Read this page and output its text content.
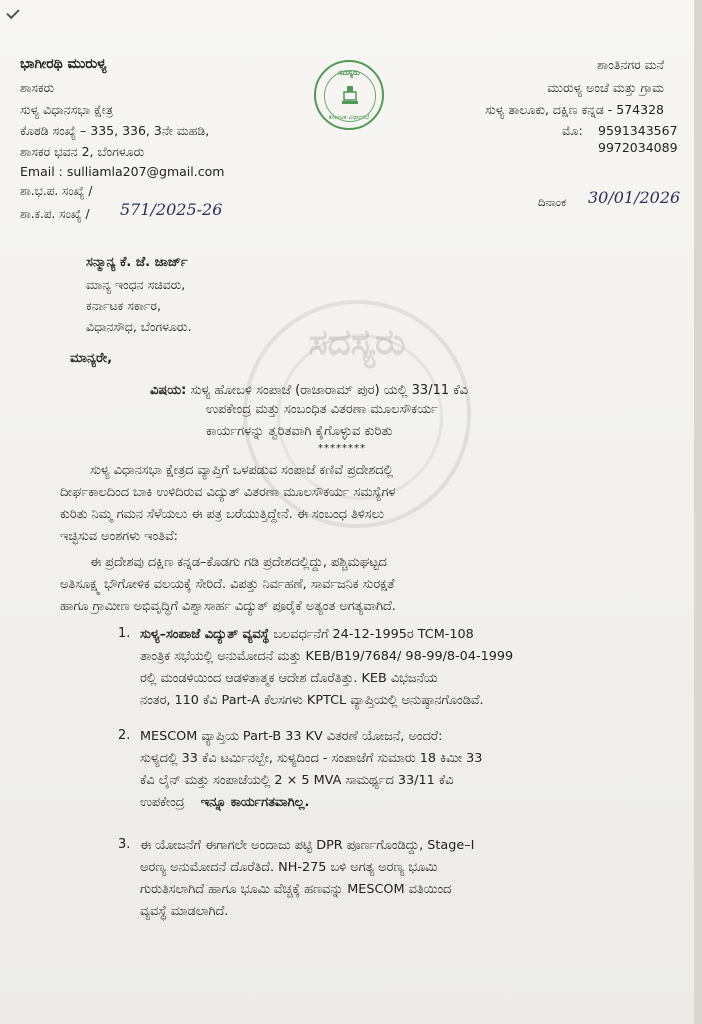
ಭಾಗೀರಥಿ ಮುರುಳ್ಯ
ಶಾಸಕರು
ಸುಳ್ಯ ವಿಧಾನಸಭಾ ಕ್ಷೇತ್ರ
ಕೊಠಡಿ ಸಂಖ್ಯೆ – 335, 336, 3ನೇ ಮಹಡಿ,
ಶಾಸಕರ ಭವನ 2, ಬೆಂಗಳೂರು
Email : sulliamla207@gmail.com
ಸದಸ್ಯರು
ಕರ್ನಾಟಕ ವಿಧಾನಸಭೆ
ಶಾಂತಿನಗರ ಮನೆ
ಮುರುಳ್ಯ ಅಂಚೆ ಮತ್ತು ಗ್ರಾಮ
ಸುಳ್ಯ ತಾಲೂಕು, ದಕ್ಷಿಣ ಕನ್ನಡ - 574328
ಮೊ: 9591343567
9972034089
ಶಾ.ಭ.ಪ. ಸಂಖ್ಯೆ /
ಶಾ.ಕ.ಪ. ಸಂಖ್ಯೆ / 571/2025-26	ದಿನಾಂಕ 30/01/2026
ಸದಸ್ಯರು
ಸನ್ಮಾನ್ಯ ಕೆ. ಜೆ. ಜಾರ್ಜ್
ಮಾನ್ಯ ಇಂಧನ ಸಚಿವರು,
ಕರ್ನಾಟಕ ಸರ್ಕಾರ,
ವಿಧಾನಸೌಧ, ಬೆಂಗಳೂರು.
ಮಾನ್ಯರೇ,
ವಿಷಯ: ಸುಳ್ಯ ಹೋಬಳಿ ಸಂಪಾಜೆ (ರಾಜಾರಾಮ್ ಪುರ) ಯಲ್ಲಿ 33/11 ಕೆವಿ
ಉಪಕೇಂದ್ರ ಮತ್ತು ಸಂಬಂಧಿತ ವಿತರಣಾ ಮೂಲಸೌಕರ್ಯ
ಕಾರ್ಯಗಳನ್ನು ತ್ವರಿತವಾಗಿ ಕೈಗೊಳ್ಳುವ ಕುರಿತು
********
ಸುಳ್ಯ ವಿಧಾನಸಭಾ ಕ್ಷೇತ್ರದ ವ್ಯಾಪ್ತಿಗೆ ಒಳಪಡುವ ಸಂಪಾಜೆ ಕಣಿವೆ ಪ್ರದೇಶದಲ್ಲಿ
ದೀರ್ಘಕಾಲದಿಂದ ಬಾಕಿ ಉಳಿದಿರುವ ವಿದ್ಯುತ್ ವಿತರಣಾ ಮೂಲಸೌಕರ್ಯ ಸಮಸ್ಯೆಗಳ
ಕುರಿತು ನಿಮ್ಮ ಗಮನ ಸೆಳೆಯಲು ಈ ಪತ್ರ ಬರೆಯುತ್ತಿದ್ದೇನೆ. ಈ ಸಂಬಂಧ ತಿಳಿಸಲು
ಇಚ್ಛಿಸುವ ಅಂಶಗಳು ಇಂತಿವೆ:
ಈ ಪ್ರದೇಶವು ದಕ್ಷಿಣ ಕನ್ನಡ–ಕೊಡಗು ಗಡಿ ಪ್ರದೇಶದಲ್ಲಿದ್ದು, ಪಶ್ಚಿಮಘಟ್ಟದ
ಅತಿಸೂಕ್ಷ್ಮ ಭೌಗೋಳಿಕ ವಲಯಕ್ಕೆ ಸೇರಿದೆ. ವಿಪತ್ತು ನಿರ್ವಹಣೆ, ಸಾರ್ವಜನಿಕ ಸುರಕ್ಷತೆ
ಹಾಗೂ ಗ್ರಾಮೀಣ ಅಭಿವೃದ್ಧಿಗೆ ವಿಶ್ವಾಸಾರ್ಹ ವಿದ್ಯುತ್ ಪೂರೈಕೆ ಅತ್ಯಂತ ಅಗತ್ಯವಾಗಿದೆ.
1. ಸುಳ್ಯ–ಸಂಪಾಜೆ ವಿದ್ಯುತ್ ವ್ಯವಸ್ಥೆ ಬಲವರ್ಧನೆಗೆ 24-12-1995ರ TCM-108
ತಾಂತ್ರಿಕ ಸಭೆಯಲ್ಲಿ ಅನುಮೋದನೆ ಮತ್ತು KEB/B19/7684/ 98-99/8-04-1999
ರಲ್ಲಿ ಮಂಡಳಿಯಿಂದ ಆಡಳಿತಾತ್ಮಕ ಆದೇಶ ದೊರೆತಿತ್ತು. KEB ವಿಭಜನೆಯ
ನಂತರ, 110 ಕೆವಿ Part-A ಕೆಲಸಗಳು KPTCL ವ್ಯಾಪ್ತಿಯಲ್ಲಿ ಅನುಷ್ಠಾನಗೊಂಡಿವೆ.
2. MESCOM ವ್ಯಾಪ್ತಿಯ Part-B 33 KV ವಿತರಣೆ ಯೋಜನೆ, ಅಂದರೆ:
ಸುಳ್ಯದಲ್ಲಿ 33 ಕೆವಿ ಟರ್ಮಿನಲ್ಬೇ, ಸುಳ್ಯದಿಂದ - ಸಂಪಾಜೆಗೆ ಸುಮಾರು 18 ಕಿಮೀ 33
ಕೆವಿ ಲೈನ್ ಮತ್ತು ಸಂಪಾಜೆಯಲ್ಲಿ 2 × 5 MVA ಸಾಮರ್ಥ್ಯದ 33/11 ಕೆವಿ
ಉಪಕೇಂದ್ರ ಇನ್ನೂ ಕಾರ್ಯಗತವಾಗಿಲ್ಲ.
3. ಈ ಯೋಜನೆಗೆ ಈಗಾಗಲೇ ಅಂದಾಜು ಪಟ್ಟಿ DPR ಪೂರ್ಣಗೊಂಡಿದ್ದು, Stage–I
ಅರಣ್ಯ ಅನುಮೋದನೆ ದೊರೆತಿದೆ. NH-275 ಬಳಿ ಅಗತ್ಯ ಅರಣ್ಯ ಭೂಮಿ
ಗುರುತಿಸಲಾಗಿದೆ ಹಾಗೂ ಭೂಮಿ ವೆಚ್ಚಕ್ಕೆ ಹಣವನ್ನು MESCOM ವತಿಯಿಂದ
ವ್ಯವಸ್ಥೆ ಮಾಡಲಾಗಿದೆ.
